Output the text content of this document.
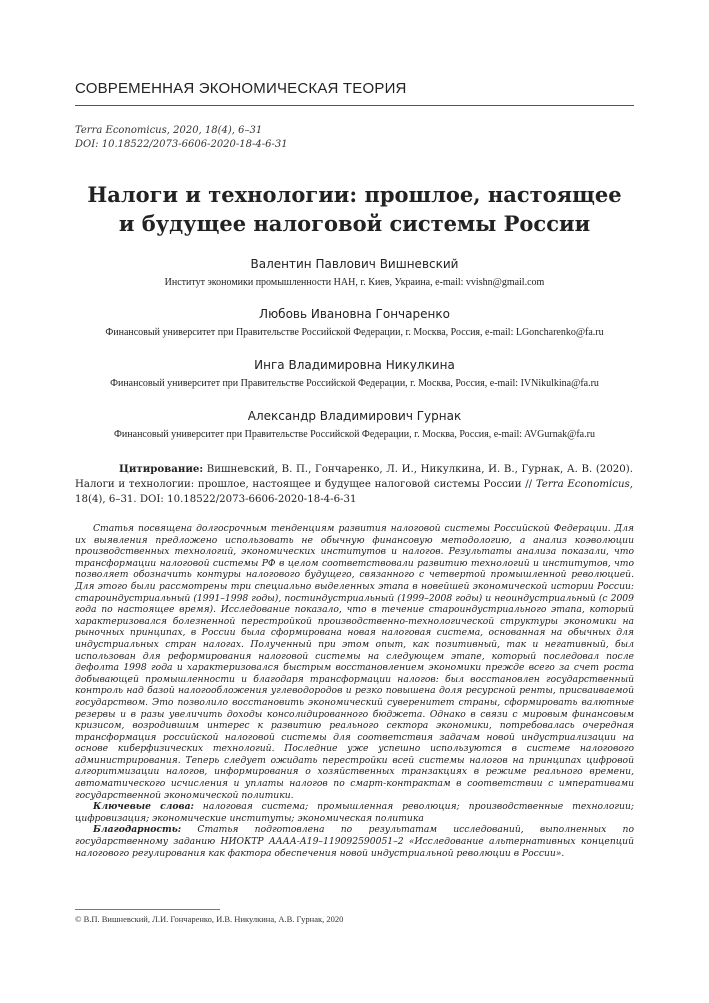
СОВРЕМЕННАЯ ЭКОНОМИЧЕСКАЯ ТЕОРИЯ
Terra Economicus, 2020, 18(4), 6–31
DOI: 10.18522/2073-6606-2020-18-4-6-31
Налоги и технологии: прошлое, настоящее
и будущее налоговой системы России
Валентин Павлович Вишневский
Институт экономики промышленности НАН, г. Киев, Украина, e-mail: vvishn@gmail.com
Любовь Ивановна Гончаренко
Финансовый университет при Правительстве Российской Федерации, г. Москва, Россия, e-mail: LGoncharenko@fa.ru
Инга Владимировна Никулкина
Финансовый университет при Правительстве Российской Федерации, г. Москва, Россия, e-mail: IVNikulkina@fa.ru
Александр Владимирович Гурнак
Финансовый университет при Правительстве Российской Федерации, г. Москва, Россия, e-mail: AVGurnak@fa.ru
Цитирование: Вишневский, В. П., Гончаренко, Л. И., Никулкина, И. В., Гурнак, А. В. (2020). Налоги и технологии: прошлое, настоящее и будущее налоговой системы России // Terra Economicus, 18(4), 6–31. DOI: 10.18522/2073-6606-2020-18-4-6-31

Статья посвящена долгосрочным тенденциям развития налоговой системы Российской Федерации. Для их выявления предложено использовать не обычную финансовую методологию, а анализ коэволюции производственных технологий, экономических институтов и налогов. Результаты анализа показали, что трансформации налоговой системы РФ в целом соответствовали развитию технологий и институтов, что позволяет обозначить контуры налогового будущего, связанного с четвертой промышленной революцией. Для этого были рассмотрены три специально выделенных этапа в новейшей экономической истории России: староиндустриальный (1991–1998 годы), постиндустриальный (1999–2008 годы) и неоиндустриальный (с 2009 года по настоящее время). Исследование показало, что в течение староиндустриального этапа, который характеризовался болезненной перестройкой производственно-технологической структуры экономики на рыночных принципах, в России была сформирована новая налоговая система, основанная на обычных для индустриальных стран налогах. Полученный при этом опыт, как позитивный, так и негативный, был использован для реформирования налоговой системы на следующем этапе, который последовал после дефолта 1998 года и характеризовался быстрым восстановлением экономики прежде всего за счет роста добывающей промышленности и благодаря трансформации налогов: был восстановлен государственный контроль над базой налогообложения углеводородов и резко повышена доля ресурсной ренты, присваиваемой государством. Это позволило восстановить экономический суверенитет страны, сформировать валютные резервы и в разы увеличить доходы консолидированного бюджета. Однако в связи с мировым финансовым кризисом, возродившим интерес к развитию реального сектора экономики, потребовалась очередная трансформация российской налоговой системы для соответствия задачам новой индустриализации на основе киберфизических технологий. Последние уже успешно используются в системе налогового администрирования. Теперь следует ожидать перестройки всей системы налогов на принципах цифровой алгоритмизации налогов, информирования о хозяйственных транзакциях в режиме реального времени, автоматического исчисления и уплаты налогов по смарт-контрактам в соответствии с императивами государственной экономической политики.

Ключевые слова: налоговая система; промышленная революция; производственные технологии; цифровизация; экономические институты; экономическая политика

Благодарность: Статья подготовлена по результатам исследований, выполненных по государственному заданию НИОКТР АААА-А19–119092590051–2 «Исследование альтернативных концепций налогового регулирования как фактора обеспечения новой индустриальной революции в России».

© В.П. Вишневский, Л.И. Гончаренко, И.В. Никулкина, А.В. Гурнак, 2020
